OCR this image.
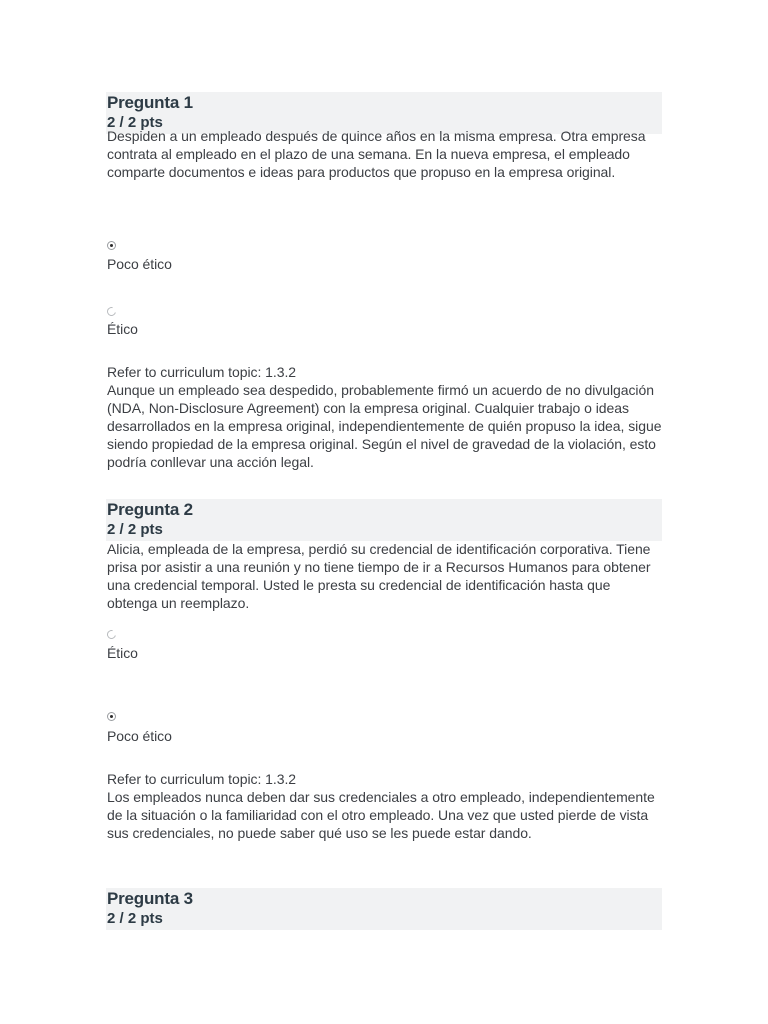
Pregunta 1
2 / 2 pts
Despiden a un empleado después de quince años en la misma empresa. Otra empresa contrata al empleado en el plazo de una semana. En la nueva empresa, el empleado comparte documentos e ideas para productos que propuso en la empresa original.
Poco ético
Ético
Refer to curriculum topic: 1.3.2
Aunque un empleado sea despedido, probablemente firmó un acuerdo de no divulgación (NDA, Non-Disclosure Agreement) con la empresa original. Cualquier trabajo o ideas desarrollados en la empresa original, independientemente de quién propuso la idea, sigue siendo propiedad de la empresa original. Según el nivel de gravedad de la violación, esto podría conllevar una acción legal.
Pregunta 2
2 / 2 pts
Alicia, empleada de la empresa, perdió su credencial de identificación corporativa. Tiene prisa por asistir a una reunión y no tiene tiempo de ir a Recursos Humanos para obtener una credencial temporal. Usted le presta su credencial de identificación hasta que obtenga un reemplazo.
Ético
Poco ético
Refer to curriculum topic: 1.3.2
Los empleados nunca deben dar sus credenciales a otro empleado, independientemente de la situación o la familiaridad con el otro empleado. Una vez que usted pierde de vista sus credenciales, no puede saber qué uso se les puede estar dando.
Pregunta 3
2 / 2 pts
